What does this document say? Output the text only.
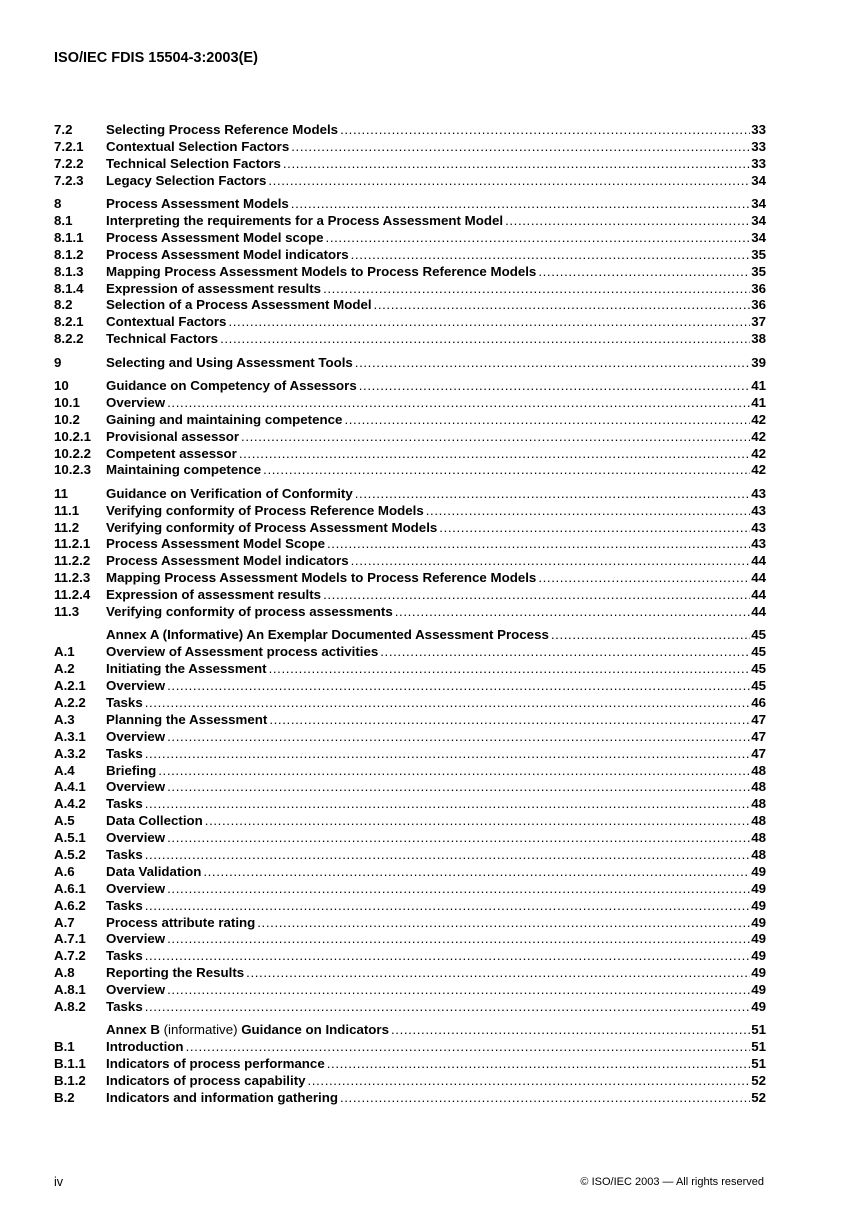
ISO/IEC FDIS 15504-3:2003(E)
7.2	Selecting Process Reference Models .....	33
7.2.1	Contextual Selection Factors .....	33
7.2.2	Technical Selection Factors .....	33
7.2.3	Legacy Selection Factors .....	34
8	Process Assessment Models .....	34
8.1	Interpreting the requirements for a Process Assessment Model .....	34
8.1.1	Process Assessment Model scope .....	34
8.1.2	Process Assessment Model indicators .....	35
8.1.3	Mapping Process Assessment Models to Process Reference Models .....	35
8.1.4	Expression of assessment results .....	36
8.2	Selection of a Process Assessment Model .....	36
8.2.1	Contextual Factors .....	37
8.2.2	Technical Factors .....	38
9	Selecting and Using Assessment Tools .....	39
10	Guidance on Competency of Assessors .....	41
10.1	Overview .....	41
10.2	Gaining and maintaining competence .....	42
10.2.1	Provisional assessor .....	42
10.2.2	Competent assessor .....	42
10.2.3	Maintaining competence .....	42
11	Guidance on Verification of Conformity .....	43
11.1	Verifying conformity of Process Reference Models .....	43
11.2	Verifying conformity of Process Assessment Models .....	43
11.2.1	Process Assessment Model Scope .....	43
11.2.2	Process Assessment Model indicators .....	44
11.2.3	Mapping Process Assessment Models to Process Reference Models .....	44
11.2.4	Expression of assessment results .....	44
11.3	Verifying conformity of process assessments .....	44
Annex A (Informative) An Exemplar Documented Assessment Process .....	45
A.1	Overview of Assessment process activities .....	45
A.2	Initiating the Assessment .....	45
A.2.1	Overview .....	45
A.2.2	Tasks .....	46
A.3	Planning the Assessment .....	47
A.3.1	Overview .....	47
A.3.2	Tasks .....	47
A.4	Briefing .....	48
A.4.1	Overview .....	48
A.4.2	Tasks .....	48
A.5	Data Collection .....	48
A.5.1	Overview .....	48
A.5.2	Tasks .....	48
A.6	Data Validation .....	49
A.6.1	Overview .....	49
A.6.2	Tasks .....	49
A.7	Process attribute rating .....	49
A.7.1	Overview .....	49
A.7.2	Tasks .....	49
A.8	Reporting the Results .....	49
A.8.1	Overview .....	49
A.8.2	Tasks .....	49
Annex B (informative) Guidance on Indicators .....	51
B.1	Introduction .....	51
B.1.1	Indicators of process performance .....	51
B.1.2	Indicators of process capability .....	52
B.2	Indicators and information gathering .....	52
iv	© ISO/IEC 2003 — All rights reserved
